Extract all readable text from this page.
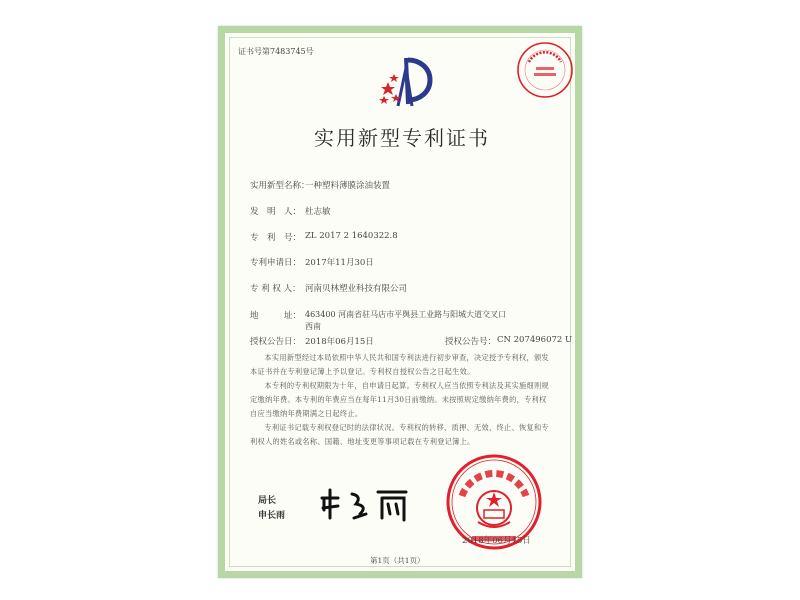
证书号第7483745号
实用新型专利证书
实用新型名称：
一种塑料薄膜涂油装置
发　明　人： 杜志敏
专　利　号： ZL 2017 2 1640322.8
专利申请日： 2017年11月30日
专 利 权 人： 河南贝林塑业科技有限公司
地　　　址： 463400 河南省驻马店市平舆县工业路与阳城大道交叉口
西南
授权公告日： 2018年06月15日	授权公告号： CN 207496072 U

本实用新型经过本局依照中华人民共和国专利法进行初步审查，决定授予专利权，颁发本证书并在专利登记簿上予以登记。专利权自授权公告之日起生效。

本专利的专利权期限为十年，自申请日起算。专利权人应当依照专利法及其实施细则规定缴纳年费。本专利的年费应当在每年11月30日前缴纳。未按照规定缴纳年费的，专利权自应当缴纳年费期满之日起终止。

专利证书记载专利权登记时的法律状况。专利权的转移、质押、无效、终止、恢复和专利权人的姓名或名称、国籍、地址变更等事项记载在专利登记簿上。

局长
申长雨
2018年06月15日
第1页（共1页）
